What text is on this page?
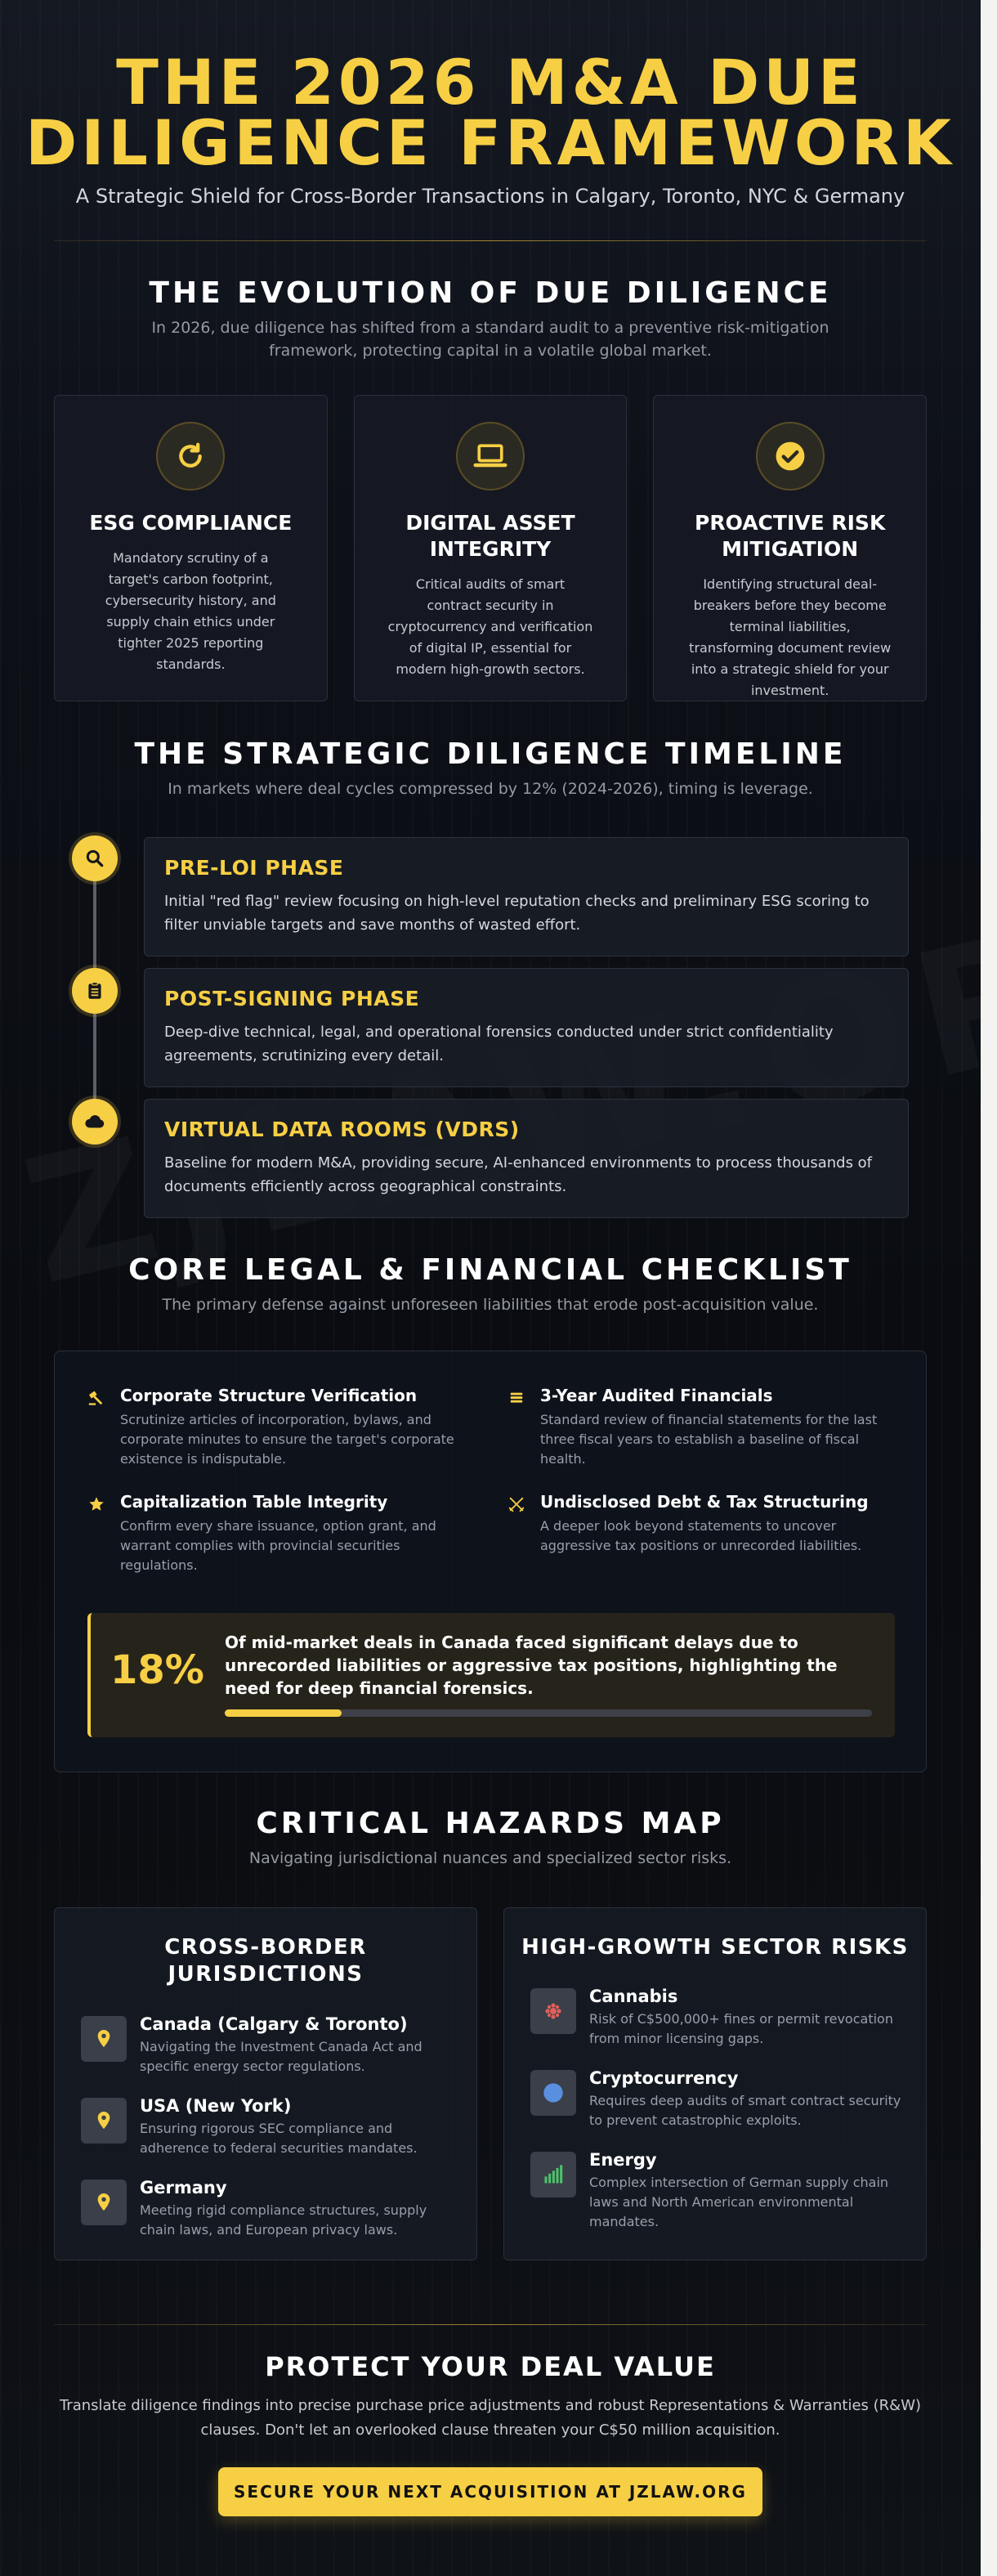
THE 2026 M&A DUE
DILIGENCE FRAMEWORK
A Strategic Shield for Cross-Border Transactions in Calgary, Toronto, NYC & Germany
THE EVOLUTION OF DUE DILIGENCE
In 2026, due diligence has shifted from a standard audit to a preventive risk-mitigation
framework, protecting capital in a volatile global market.
ESG COMPLIANCE

Mandatory scrutiny of a target's carbon footprint, cybersecurity history, and supply chain ethics under tighter 2025 reporting standards.

DIGITAL ASSET
INTEGRITY

Critical audits of smart contract security in cryptocurrency and verification of digital IP, essential for modern high-growth sectors.

PROACTIVE RISK
MITIGATION

Identifying structural deal-breakers before they become terminal liabilities, transforming document review into a strategic shield for your investment.

THE STRATEGIC DILIGENCE TIMELINE
In markets where deal cycles compressed by 12% (2024-2026), timing is leverage.
PRE-LOI PHASE

Initial "red flag" review focusing on high-level reputation checks and preliminary ESG scoring to filter unviable targets and save months of wasted effort.

POST-SIGNING PHASE

Deep-dive technical, legal, and operational forensics conducted under strict confidentiality agreements, scrutinizing every detail.

VIRTUAL DATA ROOMS (VDRS)

Baseline for modern M&A, providing secure, AI-enhanced environments to process thousands of documents efficiently across geographical constraints.

CORE LEGAL & FINANCIAL CHECKLIST
The primary defense against unforeseen liabilities that erode post-acquisition value.
Corporate Structure Verification

Scrutinize articles of incorporation, bylaws, and corporate minutes to ensure the target's corporate existence is indisputable.

3-Year Audited Financials

Standard review of financial statements for the last three fiscal years to establish a baseline of fiscal health.

Capitalization Table Integrity

Confirm every share issuance, option grant, and warrant complies with provincial securities regulations.

Undisclosed Debt & Tax Structuring

A deeper look beyond statements to uncover aggressive tax positions or unrecorded liabilities.

18%
Of mid-market deals in Canada faced significant delays due to unrecorded liabilities or aggressive tax positions, highlighting the need for deep financial forensics.
CRITICAL HAZARDS MAP
Navigating jurisdictional nuances and specialized sector risks.
CROSS-BORDER
JURISDICTIONS
Canada (Calgary & Toronto)

Navigating the Investment Canada Act and specific energy sector regulations.

USA (New York)

Ensuring rigorous SEC compliance and adherence to federal securities mandates.

Germany

Meeting rigid compliance structures, supply chain laws, and European privacy laws.

HIGH-GROWTH SECTOR RISKS
Cannabis

Risk of C$500,000+ fines or permit revocation from minor licensing gaps.

Cryptocurrency

Requires deep audits of smart contract security to prevent catastrophic exploits.

Energy

Complex intersection of German supply chain laws and North American environmental mandates.

PROTECT YOUR DEAL VALUE
Translate diligence findings into precise purchase price adjustments and robust Representations & Warranties (R&W)
clauses. Don't let an overlooked clause threaten your C$50 million acquisition.
SECURE YOUR NEXT ACQUISITION AT JZLAW.ORG
